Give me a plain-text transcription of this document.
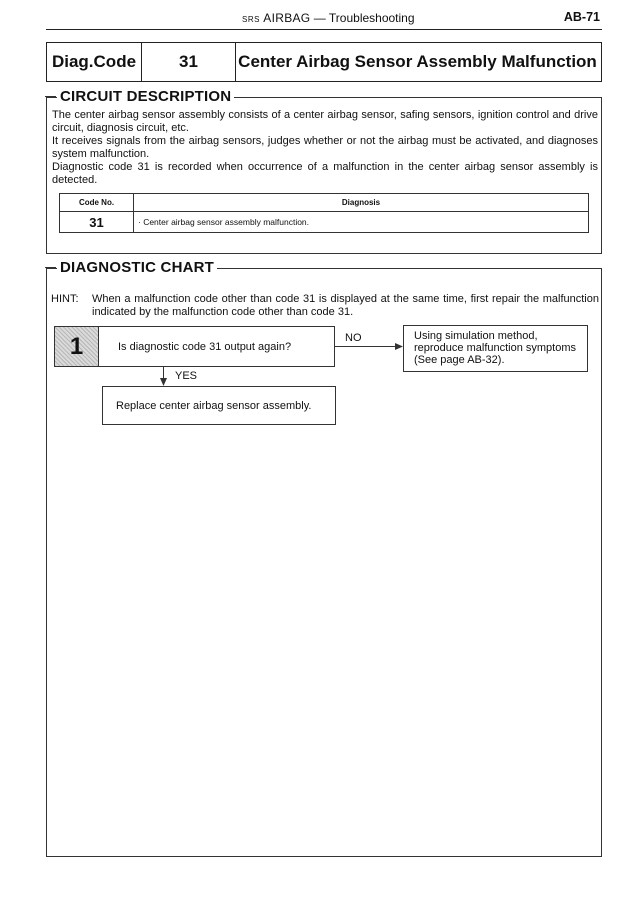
SRS AIRBAG — Troubleshooting	AB-71
Diag.Code	31	Center Airbag Sensor Assembly Malfunction
CIRCUIT DESCRIPTION

The center airbag sensor assembly consists of a center airbag sensor, safing sensors, ignition control and drive circuit, diagnosis circuit, etc.

It receives signals from the airbag sensors, judges whether or not the airbag must be activated, and diagnoses system malfunction.

Diagnostic code 31 is recorded when occurrence of a malfunction in the center airbag sensor assembly is detected.

Code No.	Diagnosis
31	· Center airbag sensor assembly malfunction.
DIAGNOSTIC CHART
HINT: When a malfunction code other than code 31 is displayed at the same time, first repair the malfunction indicated by the malfunction code other than code 31.
1	Is diagnostic code 31 output again?
NO	Using simulation method,
reproduce malfunction symptoms
(See page AB-32).
YES
Replace center airbag sensor assembly.
